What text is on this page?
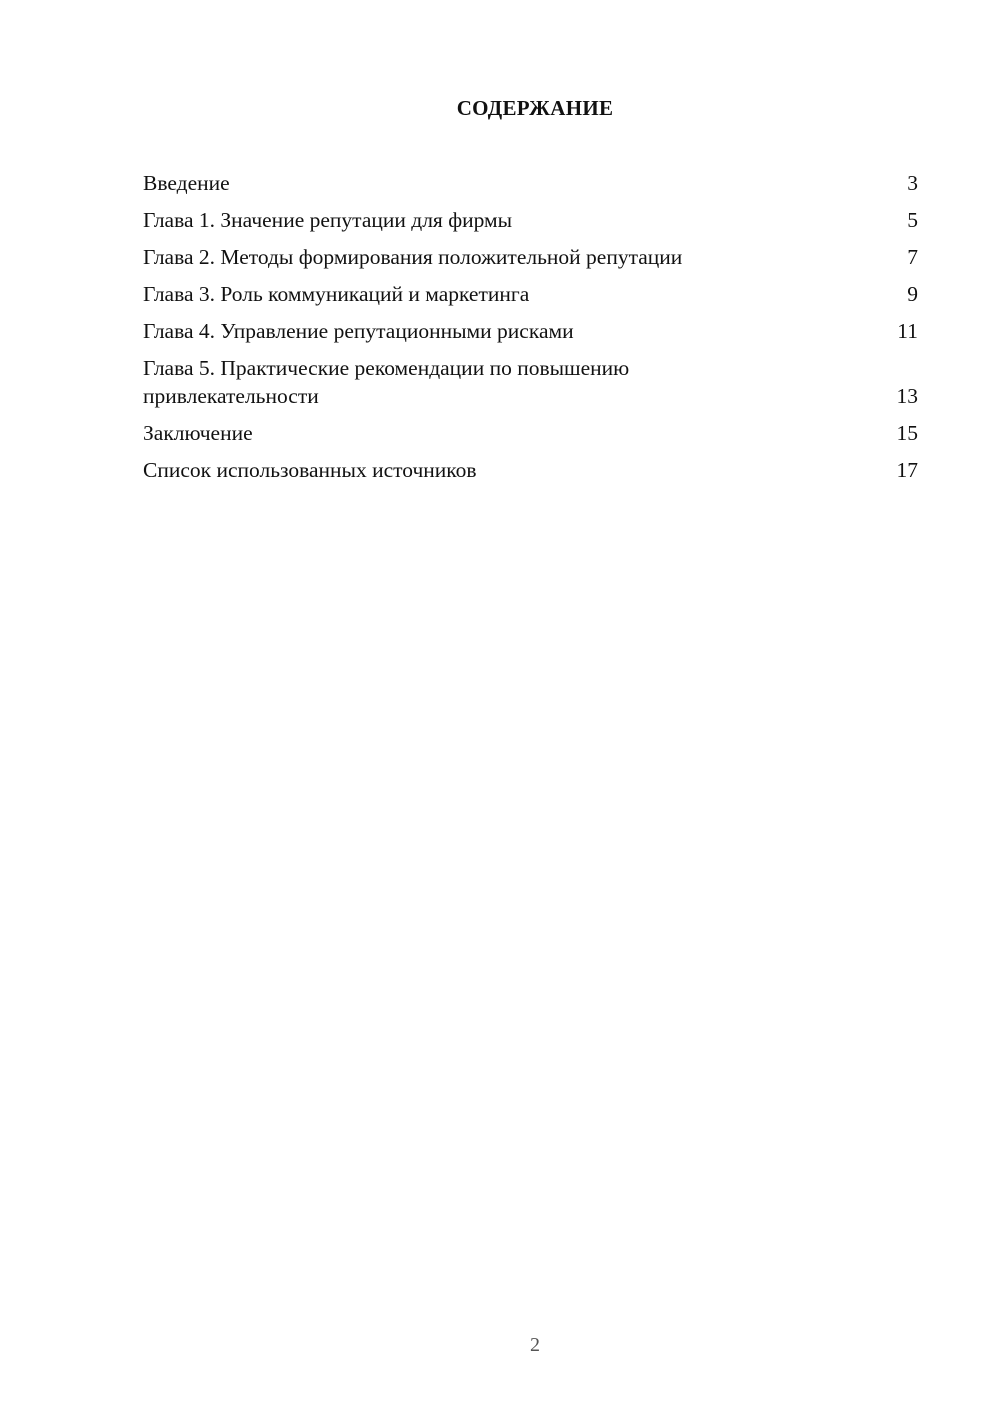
СОДЕРЖАНИЕ
Введение	3
Глава 1. Значение репутации для фирмы	5
Глава 2. Методы формирования положительной репутации	7
Глава 3. Роль коммуникаций и маркетинга	9
Глава 4. Управление репутационными рисками	11
Глава 5. Практические рекомендации по повышению привлекательности	13
Заключение	15
Список использованных источников	17
2
